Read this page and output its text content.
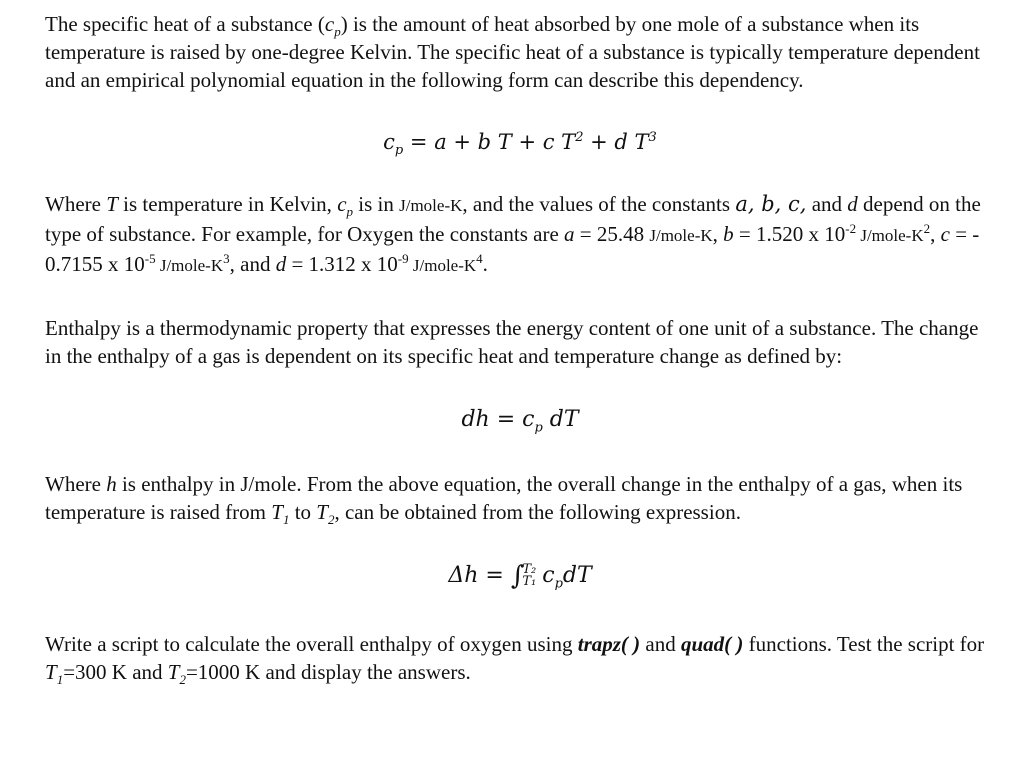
The specific heat of a substance $(c_p)$ is the amount of heat absorbed by one mole of a substance when its temperature is raised by one-degree Kelvin. The specific heat of a substance is typically temperature dependent and an empirical polynomial equation in the following form can describe this dependency.

$c_p = a + b$ T + c $T^2 + d$ $T^3$

Where T is temperature in Kelvin, $c_p$ is in J/mole-K, and the values of the constants a, b, c, and d depend on the type of substance. For example, for Oxygen the constants are a = 25.48 J/mole-K, b = 1.520 x $10^{-2}$ $J/mole-K^2$, c = - 0.7155 x $10^{-5}$ $J/mole-K^3$, and d = 1.312 x $10^{-9}$ $J/mole-K^4$.

Enthalpy is a thermodynamic property that expresses the energy content of one unit of a substance. The change in the enthalpy of a gas is dependent on its specific heat and temperature change as defined by:

dh = $c_p$ dT

Where h is enthalpy in J/mole. From the above equation, the overall change in the enthalpy of a gas, when its temperature is raised from $T_1$ to $T_2$, can be obtained from the following expression.

Δh = ∫
T₂
T₁ $c_pdT$

Write a script to calculate the overall enthalpy of oxygen using trapz( ) and quad( ) functions. Test the script for $T_1=300$ K and $T_2=1000$ K and display the answers.
